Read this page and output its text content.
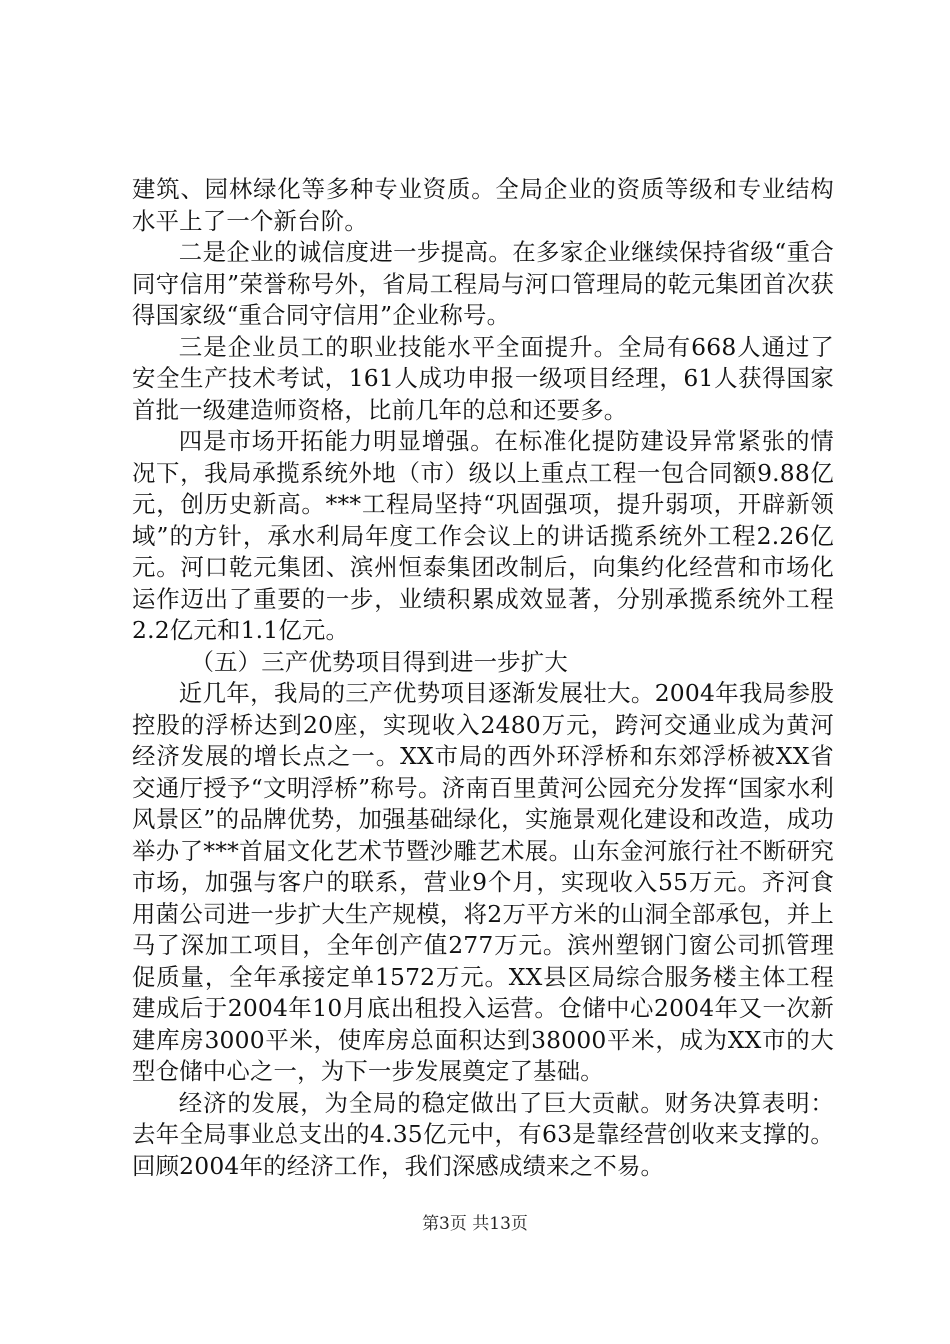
建筑、园林绿化等多种专业资质。全局企业的资质等级和专业结构水平上了一个新台阶。

二是企业的诚信度进一步提高。在多家企业继续保持省级“重合同守信用”荣誉称号外，省局工程局与河口管理局的乾元集团首次获得国家级“重合同守信用”企业称号。

三是企业员工的职业技能水平全面提升。全局有668人通过了安全生产技术考试，161人成功申报一级项目经理，61人获得国家首批一级建造师资格，比前几年的总和还要多。

四是市场开拓能力明显增强。在标准化提防建设异常紧张的情况下，我局承揽系统外地（市）级以上重点工程一包合同额9.88亿元，创历史新高。***工程局坚持“巩固强项，提升弱项，开辟新领域”的方针，承水利局年度工作会议上的讲话揽系统外工程2.26亿元。河口乾元集团、滨州恒泰集团改制后，向集约化经营和市场化运作迈出了重要的一步，业绩积累成效显著，分别承揽系统外工程2.2亿元和1.1亿元。

（五）三产优势项目得到进一步扩大

近几年，我局的三产优势项目逐渐发展壮大。2004年我局参股控股的浮桥达到20座，实现收入2480万元，跨河交通业成为黄河经济发展的增长点之一。XX市局的西外环浮桥和东郊浮桥被XX省交通厅授予“文明浮桥”称号。济南百里黄河公园充分发挥“国家水利风景区”的品牌优势，加强基础绿化，实施景观化建设和改造，成功举办了***首届文化艺术节暨沙雕艺术展。山东金河旅行社不断研究市场，加强与客户的联系，营业9个月，实现收入55万元。齐河食用菌公司进一步扩大生产规模，将2万平方米的山洞全部承包，并上马了深加工项目，全年创产值277万元。滨州塑钢门窗公司抓管理促质量，全年承接定单1572万元。XX县区局综合服务楼主体工程建成后于2004年10月底出租投入运营。仓储中心2004年又一次新建库房3000平米，使库房总面积达到38000平米，成为XX市的大型仓储中心之一，为下一步发展奠定了基础。

经济的发展，为全局的稳定做出了巨大贡献。财务决算表明：去年全局事业总支出的4.35亿元中，有63是靠经营创收来支撑的。回顾2004年的经济工作，我们深感成绩来之不易。

第3页 共13页
